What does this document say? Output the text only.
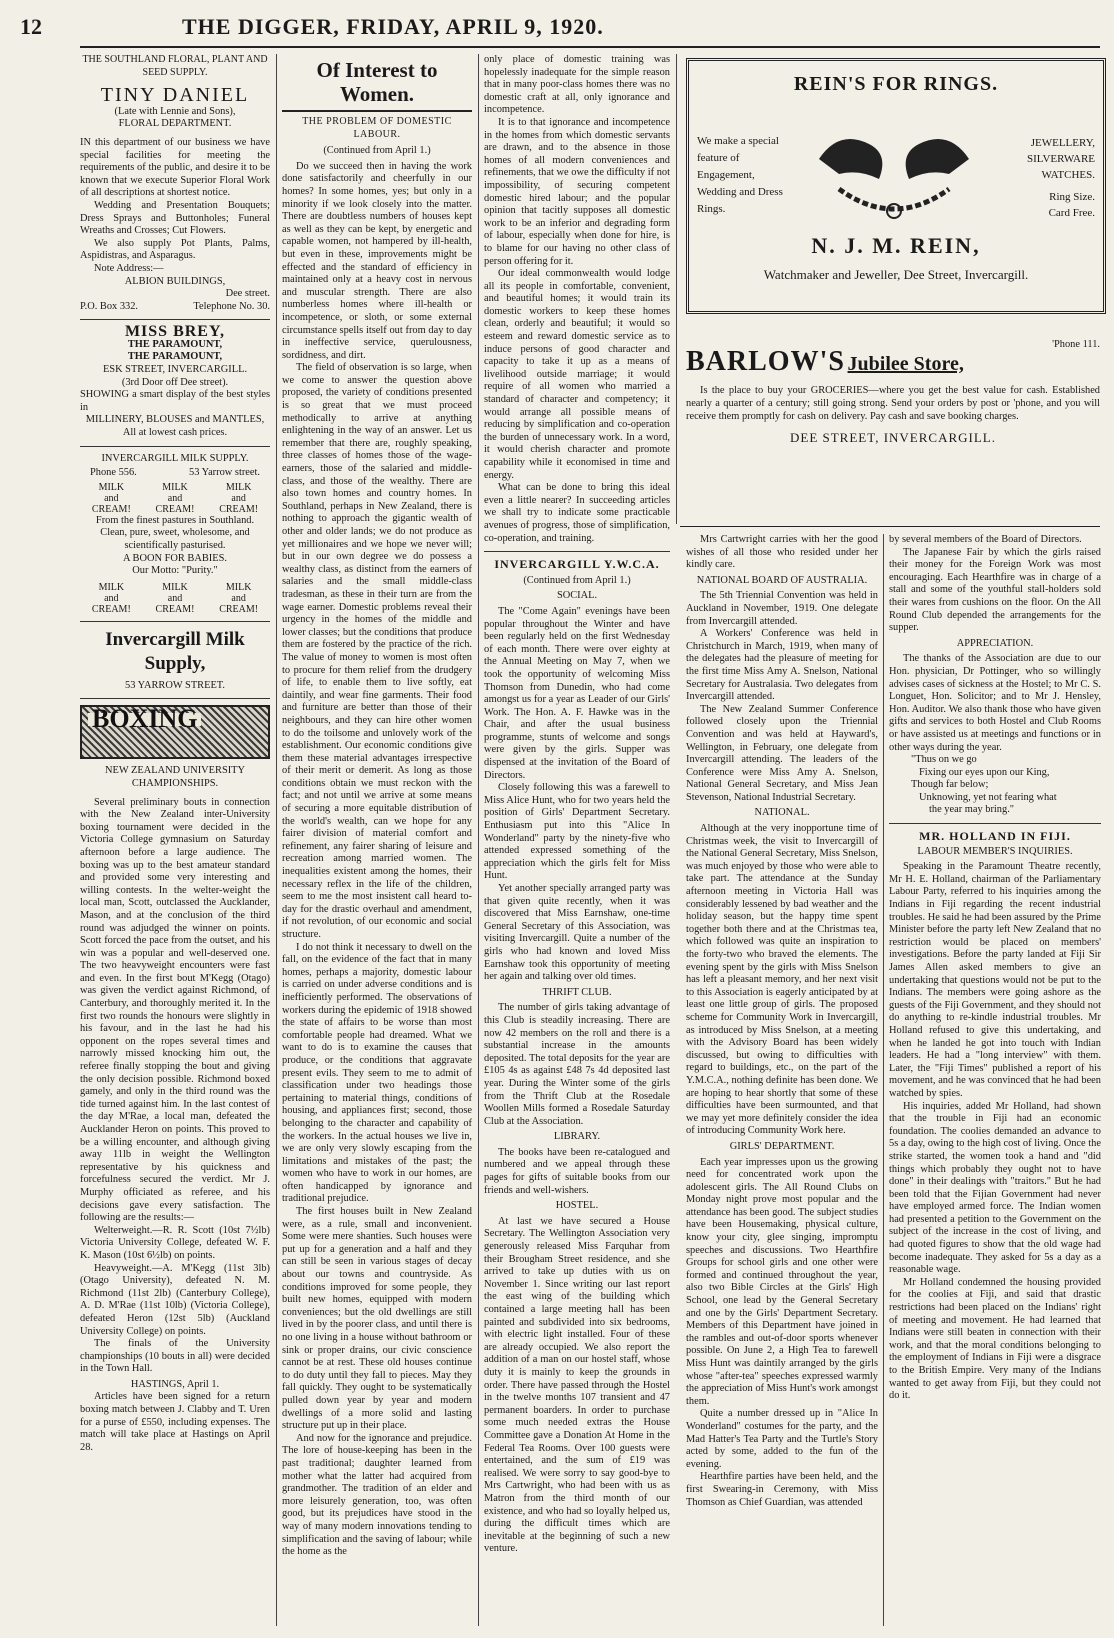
12	THE DIGGER, FRIDAY, APRIL 9, 1920.

THE SOUTHLAND FLORAL, PLANT AND SEED SUPPLY.

TINY DANIEL

(Late with Lennie and Sons),

FLORAL DEPARTMENT.

IN this department of our business we have special facilities for meeting the requirements of the public, and desire it to be known that we execute Superior Floral Work of all descriptions at shortest notice.

Wedding and Presentation Bouquets; Dress Sprays and Buttonholes; Funeral Wreaths and Crosses; Cut Flowers.

We also supply Pot Plants, Palms, Aspidistras, and Asparagus.

Note Address:—

ALBION BUILDINGS,

Dee street.

P.O. Box 332.	Telephone No. 30.

MISS BREY,

THE PARAMOUNT,

THE PARAMOUNT,

ESK STREET, INVERCARGILL.

(3rd Door off Dee street).

SHOWING a smart display of the best styles in

MILLINERY, BLOUSES and MANTLES,

All at lowest cash prices.

INVERCARGILL MILK SUPPLY.

Phone 556.	53 Yarrow street.
MILK
and
CREAM!
MILK
and
CREAM!
MILK
and
CREAM!

From the finest pastures in Southland.

Clean, pure, sweet, wholesome, and scientifically pasturised.

A BOON FOR BABIES.

Our Motto: "Purity."

MILK
and
CREAM!
MILK
and
CREAM!
MILK
and
CREAM!

Invercargill Milk Supply,

53 YARROW STREET.

BOXING

NEW ZEALAND UNIVERSITY CHAMPIONSHIPS.

Several preliminary bouts in connection with the New Zealand inter-University boxing tournament were decided in the Victoria College gymnasium on Saturday afternoon before a large audience. The boxing was up to the best amateur standard and provided some very interesting and willing contests. In the welter-weight the local man, Scott, outclassed the Aucklander, Mason, and at the conclusion of the third round was adjudged the winner on points. Scott forced the pace from the outset, and his win was a popular and well-deserved one. The two heavyweight encounters were fast and even. In the first bout M'Kegg (Otago) was given the verdict against Richmond, of Canterbury, and thoroughly merited it. In the first two rounds the honours were slightly in his favour, and in the last he had his opponent on the ropes several times and narrowly missed knocking him out, the referee finally stopping the bout and giving the only decision possible. Richmond boxed gamely, and only in the third round was the tide turned against him. In the last contest of the day M'Rae, a local man, defeated the Aucklander Heron on points. This proved to be a willing encounter, and although giving away 11lb in weight the Wellington representative by his quickness and forcefulness secured the verdict. Mr J. Murphy officiated as referee, and his decisions gave every satisfaction. The following are the results:—

Welterweight.—R. R. Scott (10st 7½lb) Victoria University College, defeated W. F. K. Mason (10st 6½lb) on points.

Heavyweight.—A. M'Kegg (11st 3lb) (Otago University), defeated N. M. Richmond (11st 2lb) (Canterbury College), A. D. M'Rae (11st 10lb) (Victoria College), defeated Heron (12st 5lb) (Auckland University College) on points.

The finals of the University championships (10 bouts in all) were decided in the Town Hall.

HASTINGS, April 1.

Articles have been signed for a return boxing match between J. Clabby and T. Uren for a purse of £550, including expenses. The match will take place at Hastings on April 28.

Of Interest to Women.

THE PROBLEM OF DOMESTIC LABOUR.

(Continued from April 1.)

Do we succeed then in having the work done satisfactorily and cheerfully in our homes? In some homes, yes; but only in a minority if we look closely into the matter. There are doubtless numbers of houses kept as well as they can be kept, by energetic and capable women, not hampered by ill-health, but even in these, improvements might be effected and the standard of efficiency in maintained only at a heavy cost in nervous and muscular strength. There are also numberless homes where ill-health or incompetence, or sloth, or some external circumstance spells itself out from day to day in ineffective service, querulousness, sordidness, and dirt.

The field of observation is so large, when we come to answer the question above proposed, the variety of conditions presented is so great that we must proceed methodically to arrive at anything enlightening in the way of an answer. Let us remember that there are, roughly speaking, three classes of homes those of the wage-earners, those of the salaried and middle-class, and those of the wealthy. There are also town homes and country homes. In Southland, perhaps in New Zealand, there is nothing to approach the gigantic wealth of other and older lands; we do not produce as yet millionaires and we hope we never will; but in our own degree we do possess a wealthy class, as distinct from the earners of salaries and the small middle-class tradesman, as these in their turn are from the wage earner. Domestic problems reveal their urgency in the homes of the middle and lower classes; but the conditions that produce them are fostered by the practice of the rich. The value of money to women is most often to procure for them relief from the drudgery of life, to enable them to live softly, eat daintily, and wear fine garments. Their food and furniture are better than those of their neighbours, and they can hire other women to do the toilsome and unlovely work of the establishment. Our economic conditions give them these material advantages irrespective of their merit or demerit. As long as those conditions obtain we must reckon with the fact; and not until we arrive at some means of securing a more equitable distribution of the world's wealth, can we hope for any fairer division of material comfort and refinement, any fairer sharing of leisure and recreation among married women. The inequalities existent among the homes, their necessary reflex in the life of the children, seem to me the most insistent call heard to-day for the drastic overhaul and amendment, if not revolution, of our economic and social structure.

I do not think it necessary to dwell on the fall, on the evidence of the fact that in many homes, perhaps a majority, domestic labour is carried on under adverse conditions and is inefficiently performed. The observations of workers during the epidemic of 1918 showed the state of affairs to be worse than most comfortable people had dreamed. What we want to do is to examine the causes that produce, or the conditions that aggravate present evils. They seem to me to admit of classification under two headings those pertaining to material things, conditions of housing, and appliances first; second, those belonging to the character and capability of the workers. In the actual houses we live in, we are only very slowly escaping from the limitations and mistakes of the past; the women who have to work in our homes, are often handicapped by ignorance and traditional prejudice.

The first houses built in New Zealand were, as a rule, small and inconvenient. Some were mere shanties. Such houses were put up for a generation and a half and they can still be seen in various stages of decay about our towns and countryside. As conditions improved for some people, they built new homes, equipped with modern conveniences; but the old dwellings are still lived in by the poorer class, and until there is no one living in a house without bathroom or sink or proper drains, our civic conscience cannot be at rest. These old houses continue to do duty until they fall to pieces. May they fall quickly. They ought to be systematically pulled down year by year and modern dwellings of a more solid and lasting structure put up in their place.

And now for the ignorance and prejudice. The lore of house-keeping has been in the past traditional; daughter learned from mother what the latter had acquired from grandmother. The tradition of an elder and more leisurely generation, too, was often good, but its prejudices have stood in the way of many modern innovations tending to simplification and the saving of labour; while the home as the

only place of domestic training was hopelessly inadequate for the simple reason that in many poor-class homes there was no domestic craft at all, only ignorance and incompetence.

It is to that ignorance and incompetence in the homes from which domestic servants are drawn, and to the absence in those homes of all modern conveniences and refinements, that we owe the difficulty if not impossibility, of securing competent domestic hired labour; and the popular opinion that tacitly supposes all domestic work to be an inferior and degrading form of labour, especially when done for hire, is to blame for our having no other class of person offering for it.

Our ideal commonwealth would lodge all its people in comfortable, convenient, and beautiful homes; it would train its domestic workers to keep these homes clean, orderly and beautiful; it would so esteem and reward domestic service as to induce persons of good character and capacity to take it up as a means of livelihood outside marriage; it would require of all women who married a standard of character and competency; it would arrange all possible means of reducing by simplification and co-operation the burden of unnecessary work. In a word, it would cherish character and promote capability while it economised in time and energy.

What can be done to bring this ideal even a little nearer? In succeeding articles we shall try to indicate some practicable avenues of progress, those of simplification, co-operation, and training.

INVERCARGILL Y.W.C.A.

(Continued from April 1.)

SOCIAL.

The "Come Again" evenings have been popular throughout the Winter and have been regularly held on the first Wednesday of each month. There were over eighty at the Annual Meeting on May 7, when we took the opportunity of welcoming Miss Thomson from Dunedin, who had come amongst us for a year as Leader of our Girls' Work. The Hon. A. F. Hawke was in the Chair, and after the usual business programme, stunts of welcome and songs were given by the girls. Supper was dispensed at the invitation of the Board of Directors.

Closely following this was a farewell to Miss Alice Hunt, who for two years held the position of Girls' Department Secretary. Enthusiasm put into this "Alice In Wonderland" party by the ninety-five who attended expressed something of the appreciation which the girls felt for Miss Hunt.

Yet another specially arranged party was that given quite recently, when it was discovered that Miss Earnshaw, one-time General Secretary of this Association, was visiting Invercargill. Quite a number of the girls who had known and loved Miss Earnshaw took this opportunity of meeting her again and talking over old times.

THRIFT CLUB.

The number of girls taking advantage of this Club is steadily increasing. There are now 42 members on the roll and there is a substantial increase in the amounts deposited. The total deposits for the year are £105 4s as against £48 7s 4d deposited last year. During the Winter some of the girls from the Thrift Club at the Rosedale Woollen Mills formed a Rosedale Saturday Club at the Association.

LIBRARY.

The books have been re-catalogued and numbered and we appeal through these pages for gifts of suitable books from our friends and well-wishers.

HOSTEL.

At last we have secured a House Secretary. The Wellington Association very generously released Miss Farquhar from their Brougham Street residence, and she arrived to take up duties with us on November 1. Since writing our last report the east wing of the building which contained a large meeting hall has been painted and subdivided into six bedrooms, with electric light installed. Four of these are already occupied. We also report the addition of a man on our hostel staff, whose duty it is mainly to keep the grounds in order. There have passed through the Hostel in the twelve months 107 transient and 47 permanent boarders. In order to purchase some much needed extras the House Committee gave a Donation At Home in the Federal Tea Rooms. Over 100 guests were entertained, and the sum of £19 was realised. We were sorry to say good-bye to Mrs Cartwright, who had been with us as Matron from the third month of our existence, and who had so loyally helped us, during the difficult times which are inevitable at the beginning of such a new venture.

REIN'S FOR RINGS.

We make a special feature of Engagement, Wedding and Dress Rings.
JEWELLERY,
SILVERWARE
WATCHES.
Ring Size.
Card Free.

N. J. M. REIN,

Watchmaker and Jeweller, Dee Street, Invercargill.

'Phone 111.

BARLOW'S Jubilee Store,

Is the place to buy your GROCERIES—where you get the best value for cash. Established nearly a quarter of a century; still going strong. Send your orders by post or 'phone, and you will receive them promptly for cash on delivery. Pay cash and save booking charges.

DEE STREET, INVERCARGILL.

Mrs Cartwright carries with her the good wishes of all those who resided under her kindly care.

NATIONAL BOARD OF AUSTRALIA.

The 5th Triennial Convention was held in Auckland in November, 1919. One delegate from Invercargill attended.

A Workers' Conference was held in Christchurch in March, 1919, when many of the delegates had the pleasure of meeting for the first time Miss Amy A. Snelson, National Secretary for Australasia. Two delegates from Invercargill attended.

The New Zealand Summer Conference followed closely upon the Triennial Convention and was held at Hayward's, Wellington, in February, one delegate from Invercargill attending. The leaders of the Conference were Miss Amy A. Snelson, National General Secretary, and Miss Jean Stevenson, National Industrial Secretary.

NATIONAL.

Although at the very inopportune time of Christmas week, the visit to Invercargill of the National General Secretary, Miss Snelson, was much enjoyed by those who were able to take part. The attendance at the Sunday afternoon meeting in Victoria Hall was considerably lessened by bad weather and the holiday season, but the happy time spent together both there and at the Christmas tea, which followed was quite an inspiration to the forty-two who braved the elements. The evening spent by the girls with Miss Snelson has left a pleasant memory, and her next visit to this Association is eagerly anticipated by at least one little group of girls. The proposed scheme for Community Work in Invercargill, as introduced by Miss Snelson, at a meeting with the Advisory Board has been widely discussed, but owing to difficulties with regard to buildings, etc., on the part of the Y.M.C.A., nothing definite has been done. We are hoping to hear shortly that some of these difficulties have been surmounted, and that we may yet more definitely consider the idea of introducing Community Work here.

GIRLS' DEPARTMENT.

Each year impresses upon us the growing need for concentrated work upon the adolescent girls. The All Round Clubs on Monday night prove most popular and the attendance has been good. The subject studies have been Housemaking, physical culture, know your city, glee singing, impromptu speeches and discussions. Two Hearthfire Groups for school girls and one other were formed and continued throughout the year, also two Bible Circles at the Girls' High School, one lead by the General Secretary and one by the Girls' Department Secretary. Members of this Department have joined in the rambles and out-of-door sports whenever possible. On June 2, a High Tea to farewell Miss Hunt was daintily arranged by the girls whose "after-tea" speeches expressed warmly the appreciation of Miss Hunt's work amongst them.

Quite a number dressed up in "Alice In Wonderland" costumes for the party, and the Mad Hatter's Tea Party and the Turtle's Story acted by some, added to the fun of the evening.

Hearthfire parties have been held, and the first Swearing-in Ceremony, with Miss Thomson as Chief Guardian, was attended

by several members of the Board of Directors.

The Japanese Fair by which the girls raised their money for the Foreign Work was most encouraging. Each Hearthfire was in charge of a stall and some of the youthful stall-holders sold their wares from cushions on the floor. On the All Round Club depended the arrangements for the supper.

APPRECIATION.

The thanks of the Association are due to our Hon. physician, Dr Pottinger, who so willingly advises cases of sickness at the Hostel; to Mr C. S. Longuet, Hon. Solicitor; and to Mr J. Hensley, Hon. Auditor. We also thank those who have given gifts and services to both Hostel and Club Rooms or have assisted us at meetings and functions or in other ways during the year.

"Thus on we go

Fixing our eyes upon our King,

Though far below;

Unknowing, yet not fearing what

the year may bring."

MR. HOLLAND IN FIJI.

LABOUR MEMBER'S INQUIRIES.

Speaking in the Paramount Theatre recently, Mr H. E. Holland, chairman of the Parliamentary Labour Party, referred to his inquiries among the Indians in Fiji regarding the recent industrial troubles. He said he had been assured by the Prime Minister before the party left New Zealand that no restriction would be placed on members' investigations. Before the party landed at Fiji Sir James Allen asked members to give an undertaking that questions would not be put to the Indians. The members were going ashore as the guests of the Fiji Government, and they should not do anything to re-kindle industrial troubles. Mr Holland refused to give this undertaking, and when he landed he got into touch with Indian leaders. He had a "long interview" with them. Later, the "Fiji Times" published a report of his movement, and he was convinced that he had been watched by spies.

His inquiries, added Mr Holland, had shown that the trouble in Fiji had an economic foundation. The coolies demanded an advance to 5s a day, owing to the high cost of living. Once the strike started, the women took a hand and "did things which probably they ought not to have done" in their dealings with "traitors." But he had been told that the Fijian Government had never have employed armed force. The Indian women had presented a petition to the Government on the subject of the increase in the cost of living, and had quoted figures to show that the old wage had become inadequate. They asked for 5s a day as a reasonable wage.

Mr Holland condemned the housing provided for the coolies at Fiji, and said that drastic restrictions had been placed on the Indians' right of meeting and movement. He had learned that Indians were still beaten in connection with their work, and that the moral conditions belonging to the employment of Indians in Fiji were a disgrace to the British Empire. Very many of the Indians wanted to get away from Fiji, but they could not do it.
